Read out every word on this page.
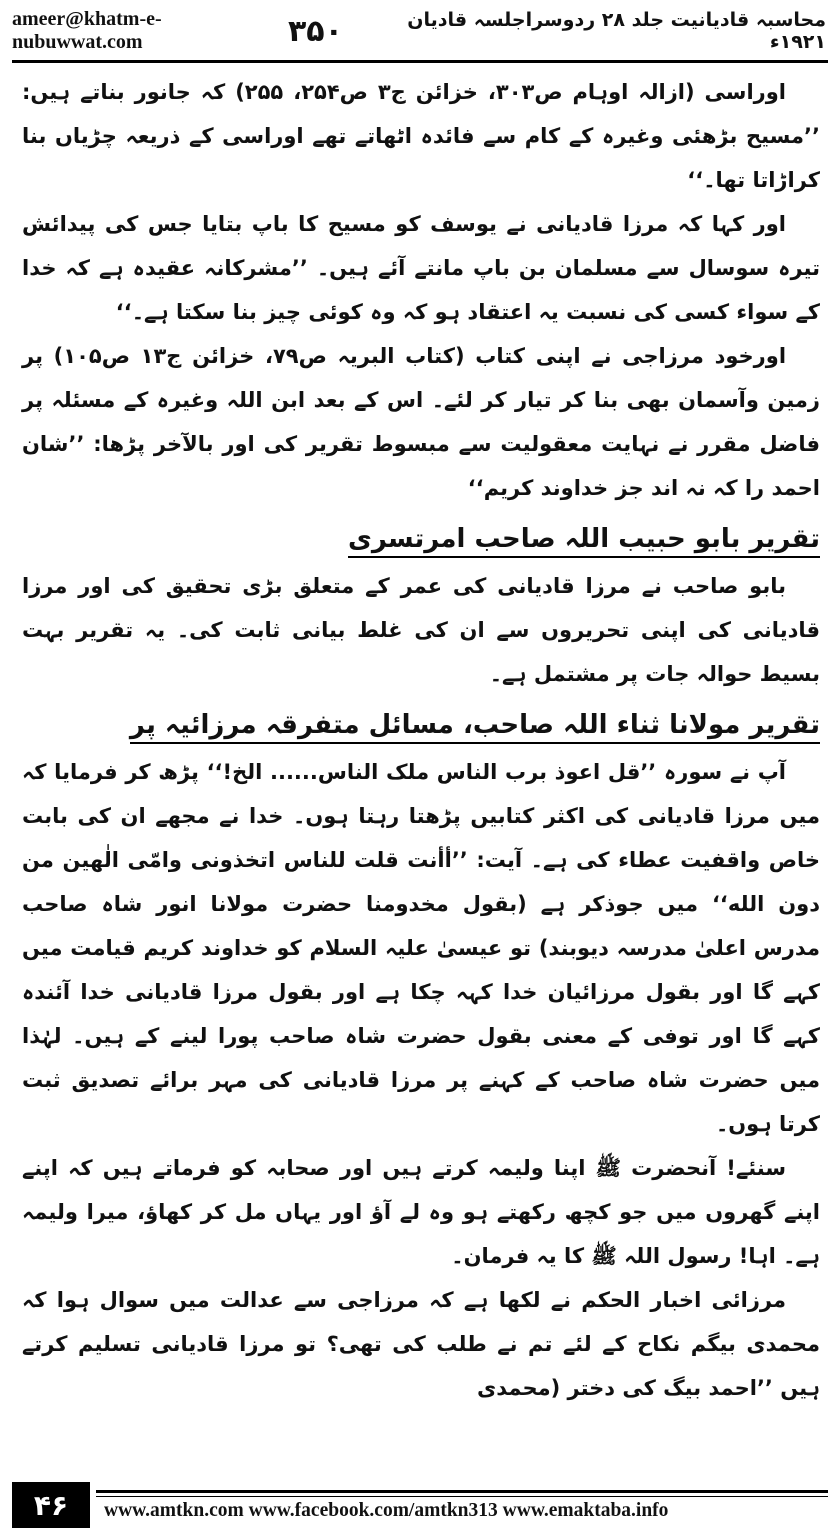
ameer@khatm-e-nubuwwat.com	۳۵۰	محاسبہ قادیانیت جلد ۲۸ ردوسراجلسہ قادیان ۱۹۲۱ء

اوراسی (ازالہ اوہام ص۳۰۳، خزائن ج۳ ص۲۵۴، ۲۵۵) کہ جانور بناتے ہیں: ’’مسیح بڑھئی وغیرہ کے کام سے فائدہ اٹھاتے تھے اوراسی کے ذریعہ چڑیاں بنا کراڑاتا تھا۔‘‘

اور کہا کہ مرزا قادیانی نے یوسف کو مسیح کا باپ بتایا جس کی پیدائش تیرہ سوسال سے مسلمان بن باپ مانتے آئے ہیں۔ ’’مشرکانہ عقیدہ ہے کہ خدا کے سواء کسی کی نسبت یہ اعتقاد ہو کہ وہ کوئی چیز بنا سکتا ہے۔‘‘

اورخود مرزاجی نے اپنی کتاب (کتاب البریہ ص۷۹، خزائن ج۱۳ ص۱۰۵) پر زمین وآسمان بھی بنا کر تیار کر لئے۔ اس کے بعد ابن اللہ وغیرہ کے مسئلہ پر فاضل مقرر نے نہایت معقولیت سے مبسوط تقریر کی اور بالآخر پڑھا: ’’شان احمد را کہ نہ اند جز خداوند کریم‘‘

تقریر بابو حبیب اللہ صاحب امرتسری

بابو صاحب نے مرزا قادیانی کی عمر کے متعلق بڑی تحقیق کی اور مرزا قادیانی کی اپنی تحریروں سے ان کی غلط بیانی ثابت کی۔ یہ تقریر بہت بسیط حوالہ جات پر مشتمل ہے۔

تقریر مولانا ثناء اللہ صاحب، مسائل متفرقہ مرزائیہ پر

آپ نے سورہ ’’قل اعوذ برب الناس ملک الناس...... الخ!‘‘ پڑھ کر فرمایا کہ میں مرزا قادیانی کی اکثر کتابیں پڑھتا رہتا ہوں۔ خدا نے مجھے ان کی بابت خاص واقفیت عطاء کی ہے۔ آیت: ’’أأنت قلت للناس اتخذونی وامّی الٰهین من دون الله‘‘ میں جوذکر ہے (بقول مخدومنا حضرت مولانا انور شاہ صاحب مدرس اعلیٰ مدرسہ دیوبند) تو عیسیٰ علیہ السلام کو خداوند کریم قیامت میں کہے گا اور بقول مرزائیان خدا کہہ چکا ہے اور بقول مرزا قادیانی خدا آئندہ کہے گا اور توفی کے معنی بقول حضرت شاہ صاحب پورا لینے کے ہیں۔ لہٰذا میں حضرت شاہ صاحب کے کہنے پر مرزا قادیانی کی مہر برائے تصدیق ثبت کرتا ہوں۔

سنئے! آنحضرت ﷺ اپنا ولیمہ کرتے ہیں اور صحابہ کو فرماتے ہیں کہ اپنے اپنے گھروں میں جو کچھ رکھتے ہو وہ لے آؤ اور یہاں مل کر کھاؤ، میرا ولیمہ ہے۔ اہا! رسول اللہ ﷺ کا یہ فرمان۔

مرزائی اخبار الحکم نے لکھا ہے کہ مرزاجی سے عدالت میں سوال ہوا کہ محمدی بیگم نکاح کے لئے تم نے طلب کی تھی؟ تو مرزا قادیانی تسلیم کرتے ہیں ’’احمد بیگ کی دختر (محمدی

۴۶	www.amtkn.com www.facebook.com/amtkn313 www.emaktaba.info
